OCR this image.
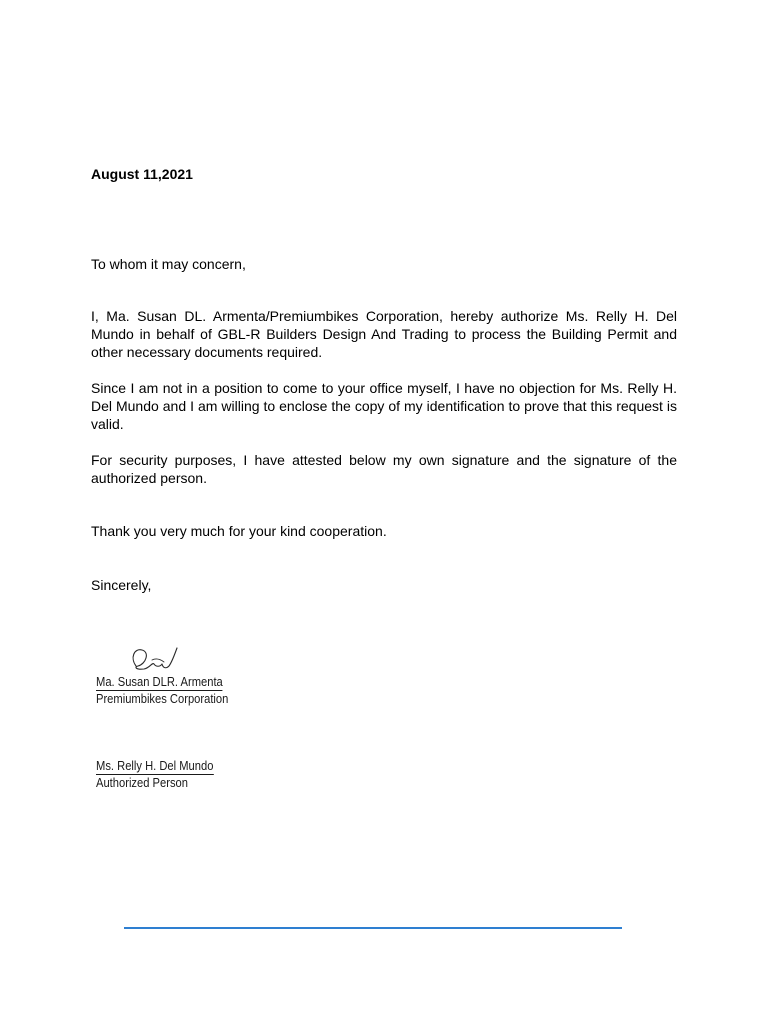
August 11,2021
To whom it may concern,
I, Ma. Susan DL. Armenta/Premiumbikes Corporation, hereby authorize Ms. Relly H. Del Mundo in behalf of GBL-R Builders Design And Trading to process the Building Permit and other necessary documents required.
Since I am not in a position to come to your office myself, I have no objection for Ms. Relly H. Del Mundo and I am willing to enclose the copy of my identification to prove that this request is valid.
For security purposes, I have attested below my own signature and the signature of the authorized person.
Thank you very much for your kind cooperation.
Sincerely,
Ma. Susan DLR. Armenta
Premiumbikes Corporation
Ms. Relly H. Del Mundo
Authorized Person
